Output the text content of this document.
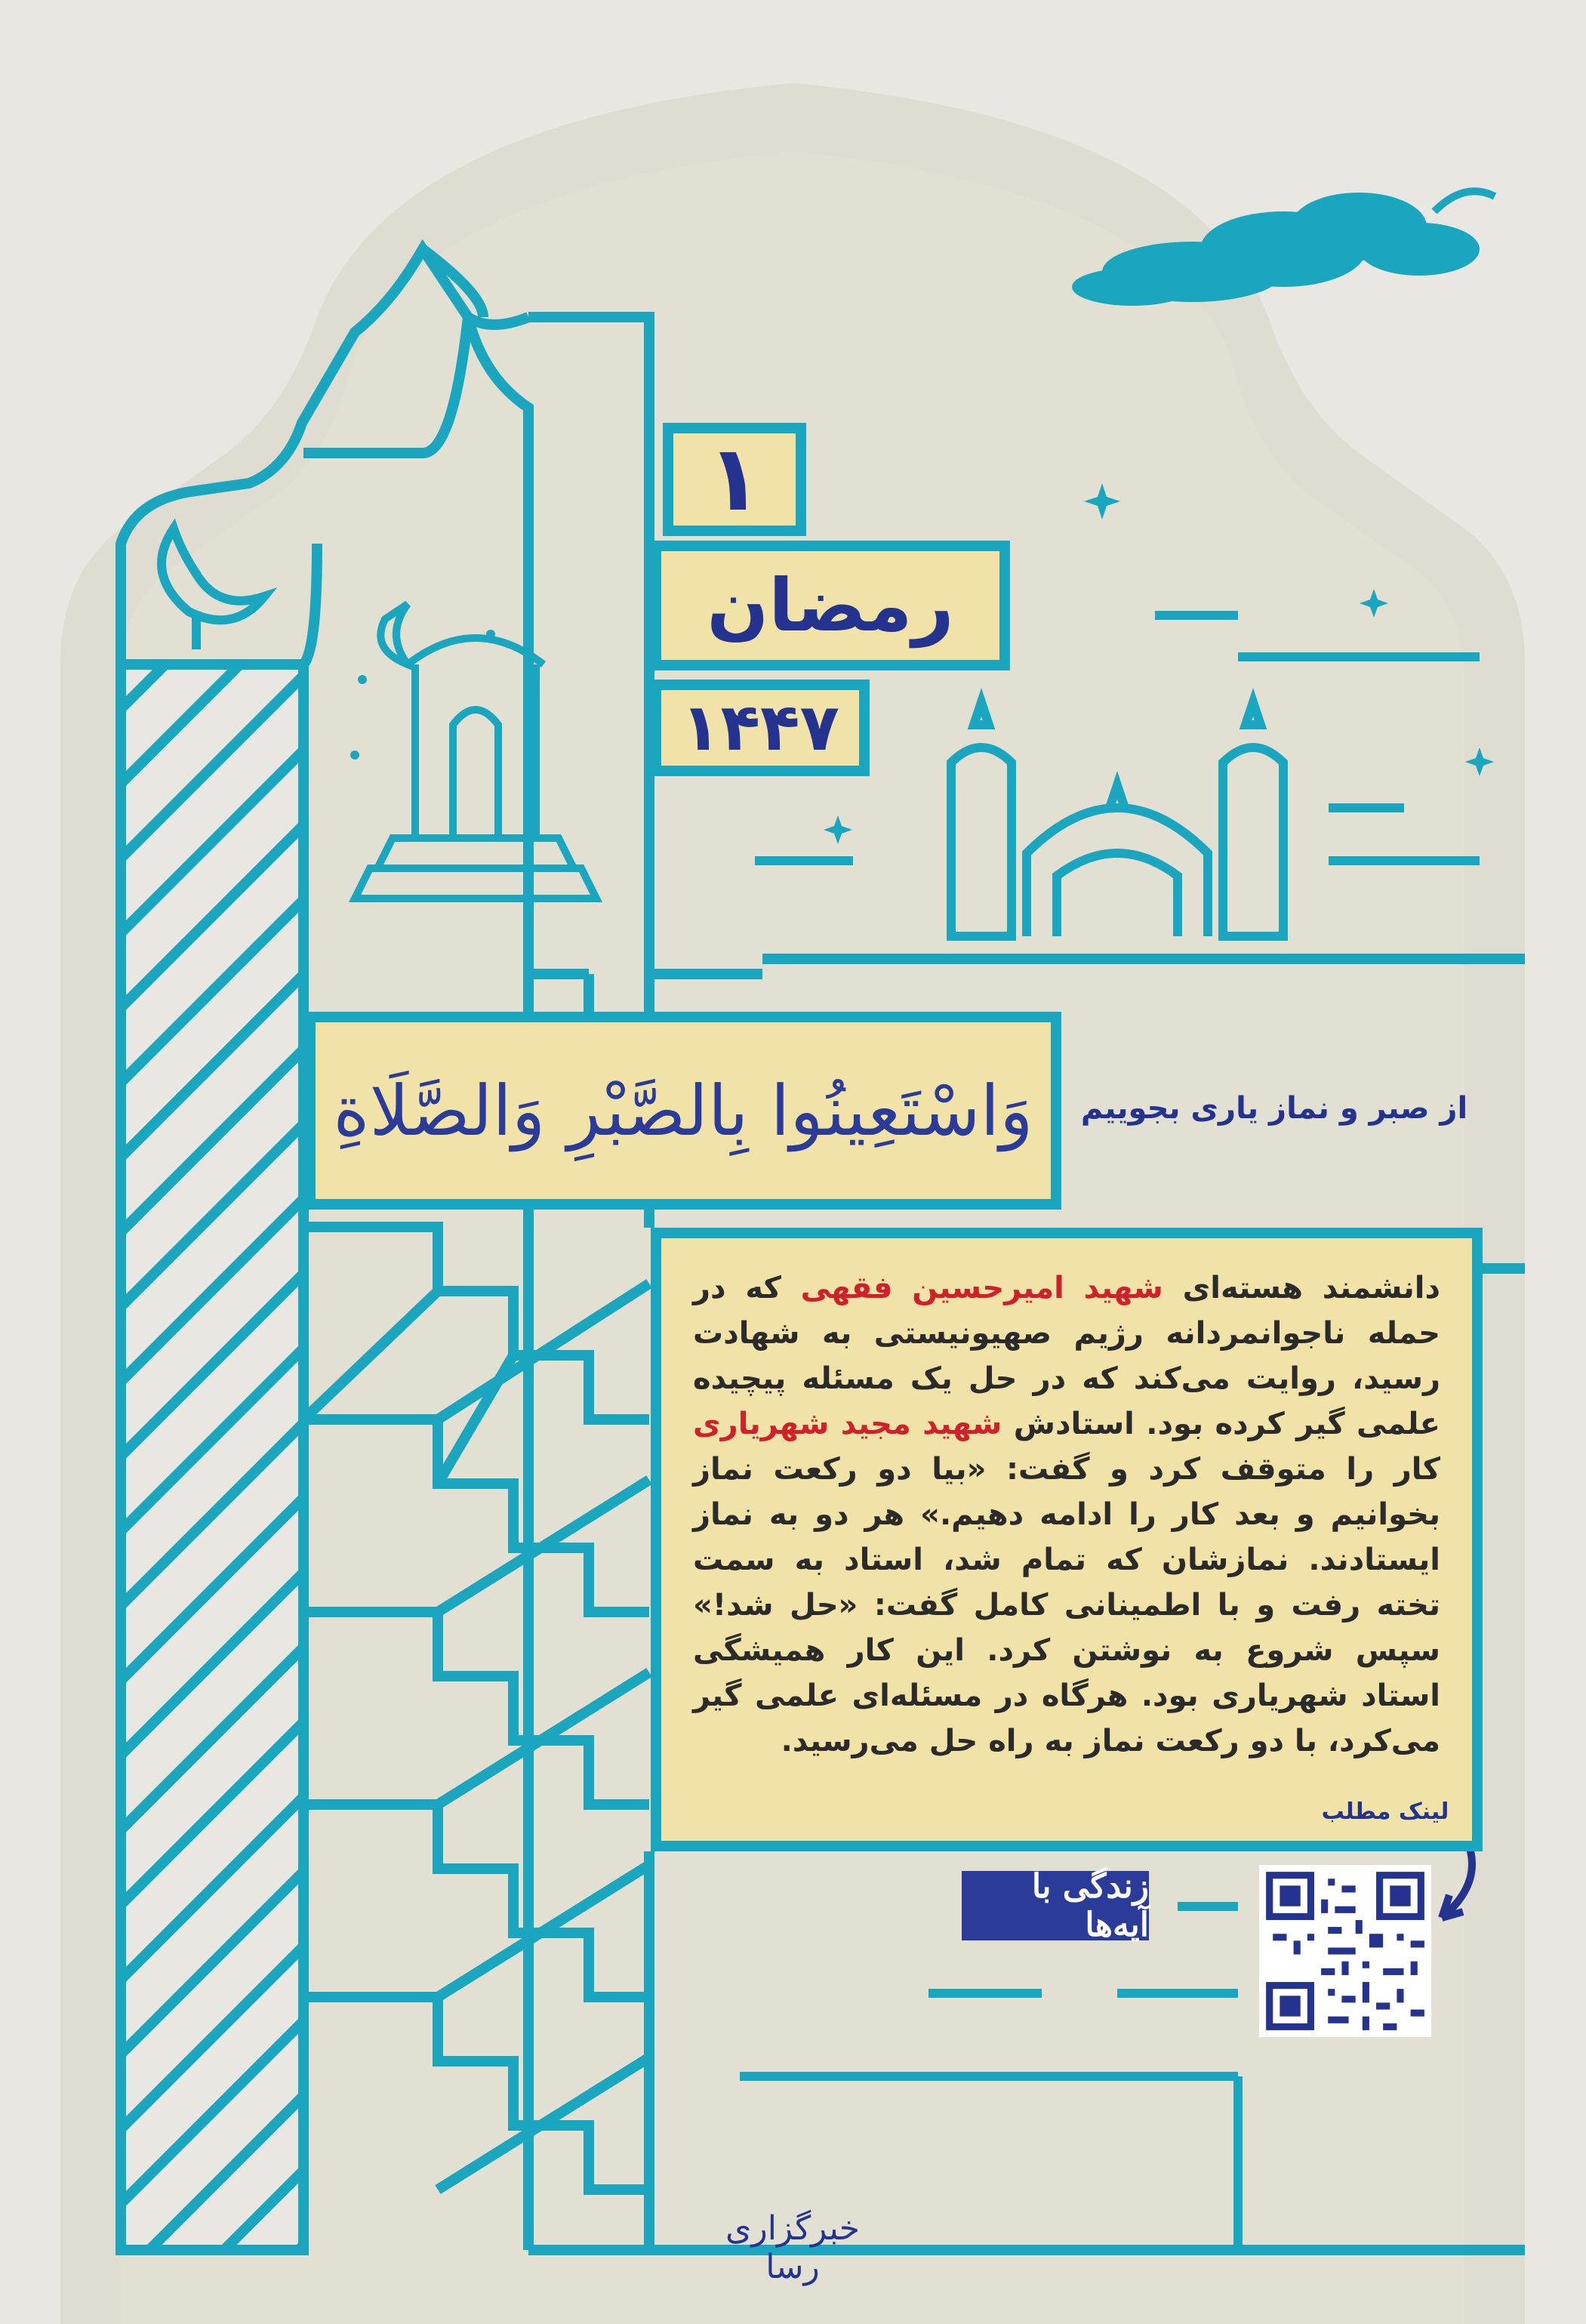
۱
رمضان
۱۴۴۷
وَاسْتَعِينُوا بِالصَّبْرِ وَالصَّلَاةِ از صبر و نماز یاری بجوییم
دانشمند هسته‌ای شهید امیرحسین فقهی که در حمله ناجوانمردانه رژیم صهیونیستی به شهادت رسید، روایت می‌کند که در حل یک مسئله پیچیده علمی گیر کرده بود. استادش شهید مجید شهریاری کار را متوقف کرد و گفت: «بیا دو رکعت نماز بخوانیم و بعد کار را ادامه دهیم.» هر دو به نماز ایستادند. نمازشان که تمام شد، استاد به سمت تخته رفت و با اطمینانی کامل گفت: «حل شد!» سپس شروع به نوشتن کرد. این کار همیشگی استاد شهریاری بود. هرگاه در مسئله‌ای علمی گیر می‌کرد، با دو رکعت نماز به راه حل می‌رسید.
لینک مطلب
زندگی با آیه‌ها
خبرگزاری رسا
